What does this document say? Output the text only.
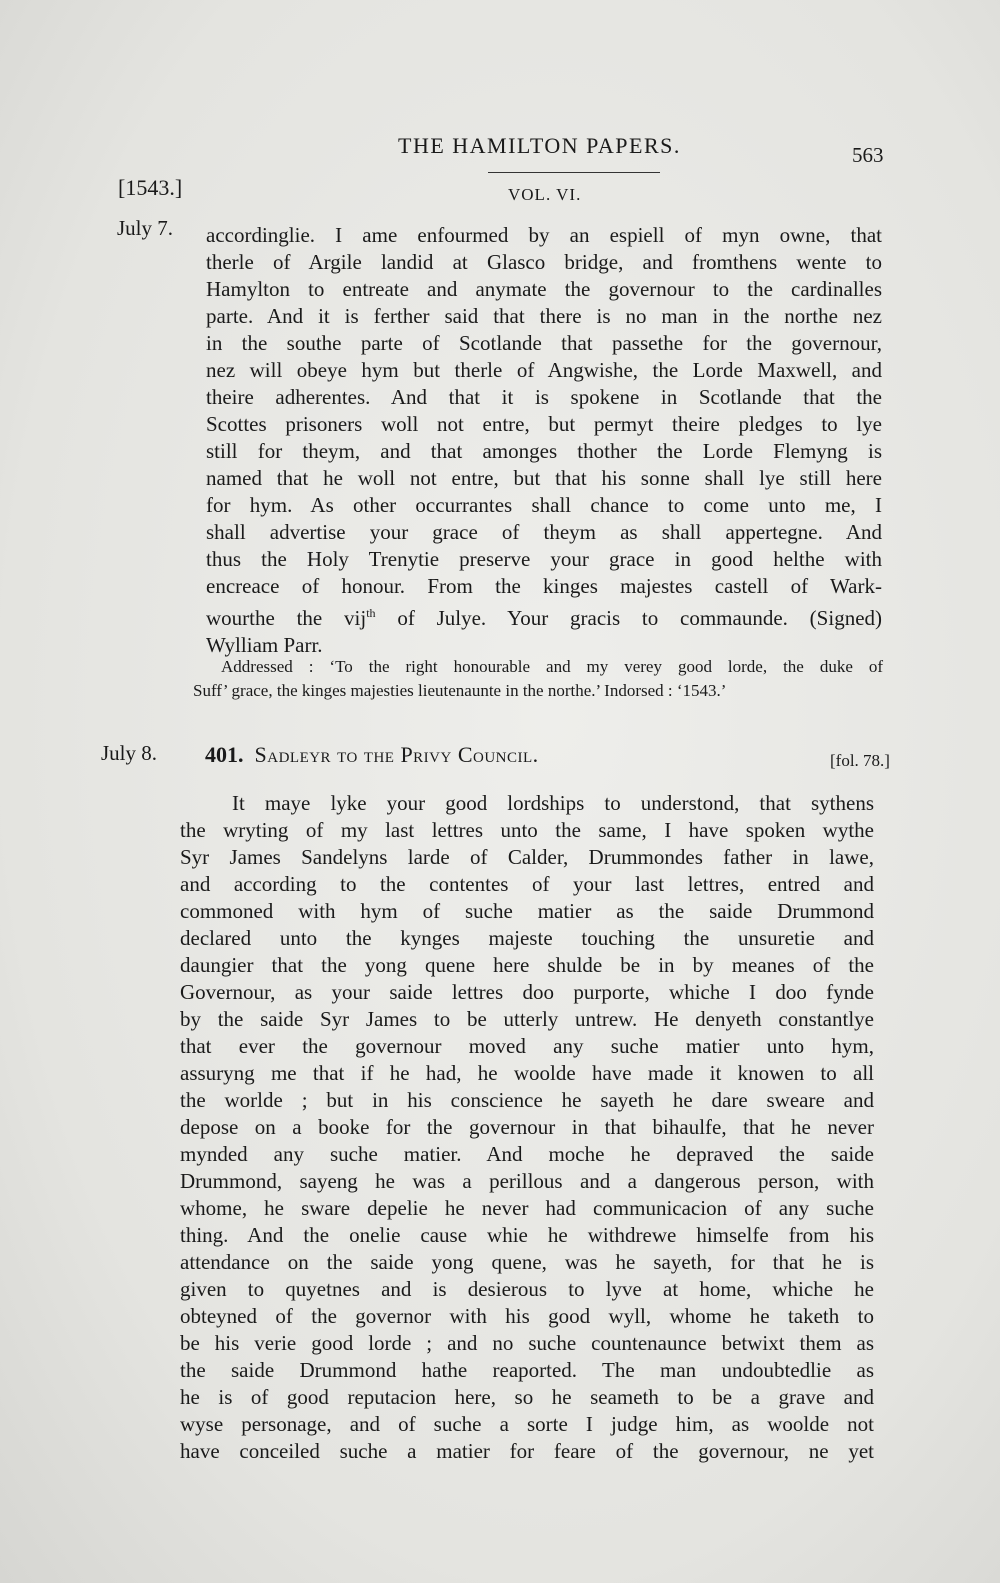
THE HAMILTON PAPERS.	563
[1543.]	VOL. VI.
July 7. accordinglie. I ame enfourmed by an espiell of myn owne, that
therle of Argile landid at Glasco bridge, and fromthens wente to
Hamylton to entreate and anymate the governour to the cardinalles
parte. And it is ferther said that there is no man in the northe nez
in the southe parte of Scotlande that passethe for the governour,
nez will obeye hym but therle of Angwishe, the Lorde Maxwell, and
theire adherentes. And that it is spokene in Scotlande that the
Scottes prisoners woll not entre, but permyt theire pledges to lye
still for theym, and that amonges thother the Lorde Flemyng is
named that he woll not entre, but that his sonne shall lye still here
for hym. As other occurrantes shall chance to come unto me, I
shall advertise your grace of theym as shall appertegne. And
thus the Holy Trenytie preserve your grace in good helthe with
encreace of honour. From the kinges majestes castell of Wark-
wourthe the vij$^{th}$ of Julye. Your gracis to commaunde. (Signed)
Wylliam Parr.
Addressed : ‘To the right honourable and my verey good lorde, the duke of
Suff’ grace, the kinges majesties lieutenaunte in the northe.’ Indorsed : ‘1543.’
July 8. 401. Sadleyr to the Privy Council.	[fol. 78.]
It maye lyke your good lordships to understond, that sythens
the wryting of my last lettres unto the same, I have spoken wythe
Syr James Sandelyns larde of Calder, Drummondes father in lawe,
and according to the contentes of your last lettres, entred and
commoned with hym of suche matier as the saide Drummond
declared unto the kynges majeste touching the unsuretie and
daungier that the yong quene here shulde be in by meanes of the
Governour, as your saide lettres doo purporte, whiche I doo fynde
by the saide Syr James to be utterly untrew. He denyeth constantlye
that ever the governour moved any suche matier unto hym,
assuryng me that if he had, he woolde have made it knowen to all
the worlde ; but in his conscience he sayeth he dare sweare and
depose on a booke for the governour in that bihaulfe, that he never
mynded any suche matier. And moche he depraved the saide
Drummond, sayeng he was a perillous and a dangerous person, with
whome, he sware depelie he never had communicacion of any suche
thing. And the onelie cause whie he withdrewe himselfe from his
attendance on the saide yong quene, was he sayeth, for that he is
given to quyetnes and is desierous to lyve at home, whiche he
obteyned of the governor with his good wyll, whome he taketh to
be his verie good lorde ; and no suche countenaunce betwixt them as
the saide Drummond hathe reaported. The man undoubtedlie as
he is of good reputacion here, so he seameth to be a grave and
wyse personage, and of suche a sorte I judge him, as woolde not
have conceiled suche a matier for feare of the governour, ne yet
